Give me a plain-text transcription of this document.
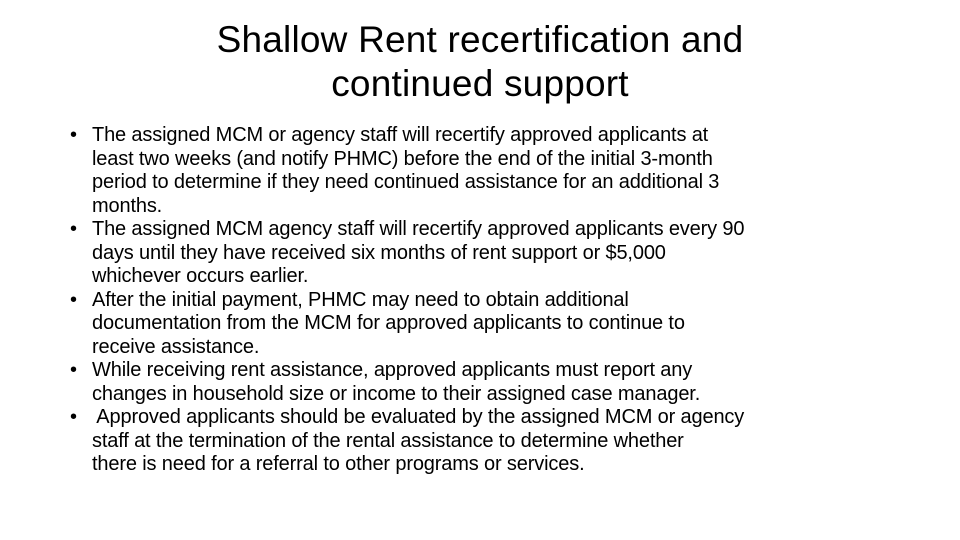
Shallow Rent recertification and
continued support
• The assigned MCM or agency staff will recertify approved applicants at
least two weeks (and notify PHMC) before the end of the initial 3-month
period to determine if they need continued assistance for an additional 3
months.
• The assigned MCM agency staff will recertify approved applicants every 90
days until they have received six months of rent support or $5,000
whichever occurs earlier.
• After the initial payment, PHMC may need to obtain additional
documentation from the MCM for approved applicants to continue to
receive assistance.
• While receiving rent assistance, approved applicants must report any
changes in household size or income to their assigned case manager.
• Approved applicants should be evaluated by the assigned MCM or agency
staff at the termination of the rental assistance to determine whether
there is need for a referral to other programs or services.
